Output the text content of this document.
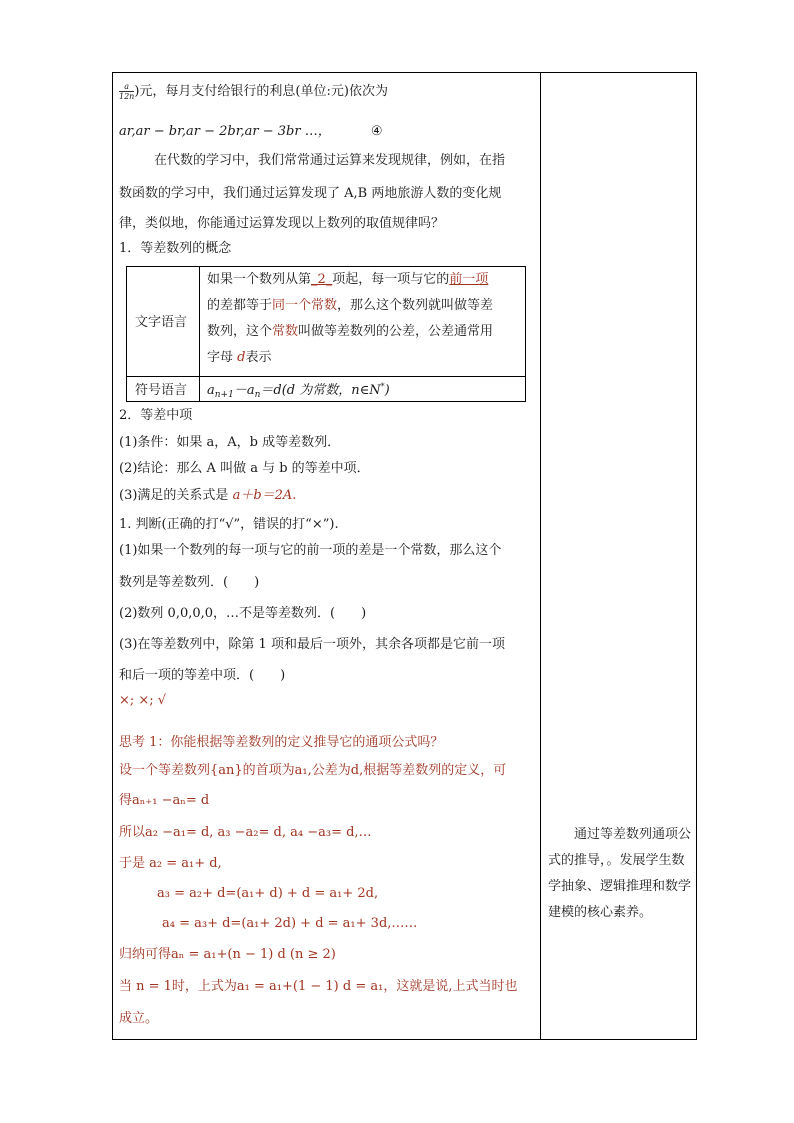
$\frac{a}{12n}$ )元，每月支付给银行的利息(单位:元)依次为
ar,ar − br,ar − 2br,ar − 3br …，	④
在代数的学习中，我们常常通过运算来发现规律，例如，在指
数函数的学习中，我们通过运算发现了 A,B 两地旅游人数的变化规
律，类似地，你能通过运算发现以上数列的取值规律吗？
1．等差数列的概念
文字语言
如果一个数列从第_2_项起，每一项与它的前一项
的差都等于同一个常数，那么这个数列就叫做等差
数列，这个常数叫做等差数列的公差，公差通常用
字母 d表示
符号语言 $a_{n+1}-a_n=d(d$ 为常数，n∈N*)
2．等差中项
(1)条件：如果 a，A，b 成等差数列．
(2)结论：那么 A 叫做 a 与 b 的等差中项．
(3)满足的关系式是 a＋b＝2A.
1. 判断(正确的打“√”，错误的打“×”).
(1)如果一个数列的每一项与它的前一项的差是一个常数，那么这个
数列是等差数列．(　　)
(2)数列 0,0,0,0，…不是等差数列．(　　)
(3)在等差数列中，除第 1 项和最后一项外，其余各项都是它前一项
和后一项的等差中项．(　　)
×; ×; √
思考 1：你能根据等差数列的定义推导它的通项公式吗？
设一个等差数列{an}的首项为a₁,公差为d,根据等差数列的定义，可
得aₙ₊₁ −aₙ= d
所以a₂ −a₁= d, a₃ −a₂= d, a₄ −a₃= d,…
于是 a₂ = a₁+ d,
a₃ = a₂+ d=(a₁+ d) + d = a₁+ 2d,
a₄ = a₃+ d=(a₁+ 2d) + d = a₁+ 3d,……
归纳可得aₙ = a₁+(n − 1) d (n ≥ 2)
当 n = 1时，上式为a₁ = a₁+(1 − 1) d = a₁，这就是说,上式当时也
成立。
　　通过等差数列通项公式的推导，。发展学生数学抽象、逻辑推理和数学建模的核心素养。
